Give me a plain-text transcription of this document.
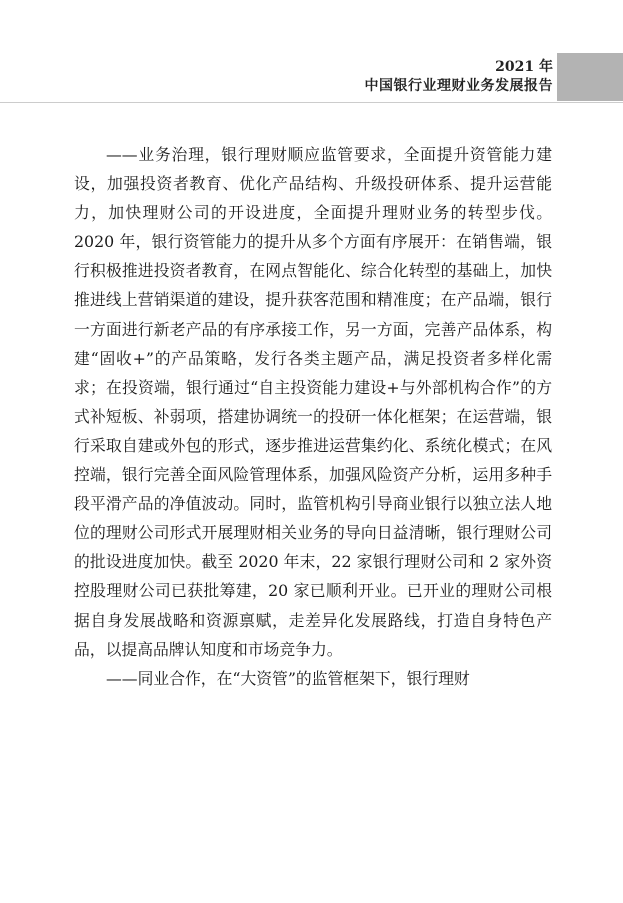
2021 年
中国银行业理财业务发展报告

——业务治理，银行理财顺应监管要求，全面提升资管能力建设，加强投资者教育、优化产品结构、升级投研体系、提升运营能力，加快理财公司的开设进度，全面提升理财业务的转型步伐。2020 年，银行资管能力的提升从多个方面有序展开：在销售端，银行积极推进投资者教育，在网点智能化、综合化转型的基础上，加快推进线上营销渠道的建设，提升获客范围和精准度；在产品端，银行一方面进行新老产品的有序承接工作，另一方面，完善产品体系，构建“固收+”的产品策略，发行各类主题产品，满足投资者多样化需求；在投资端，银行通过“自主投资能力建设+与外部机构合作”的方式补短板、补弱项，搭建协调统一的投研一体化框架；在运营端，银行采取自建或外包的形式，逐步推进运营集约化、系统化模式；在风控端，银行完善全面风险管理体系，加强风险资产分析，运用多种手段平滑产品的净值波动。同时，监管机构引导商业银行以独立法人地位的理财公司形式开展理财相关业务的导向日益清晰，银行理财公司的批设进度加快。截至 2020 年末，22 家银行理财公司和 2 家外资控股理财公司已获批筹建，20 家已顺利开业。已开业的理财公司根据自身发展战略和资源禀赋，走差异化发展路线，打造自身特色产品，以提高品牌认知度和市场竞争力。

——同业合作，在“大资管”的监管框架下，银行理财
